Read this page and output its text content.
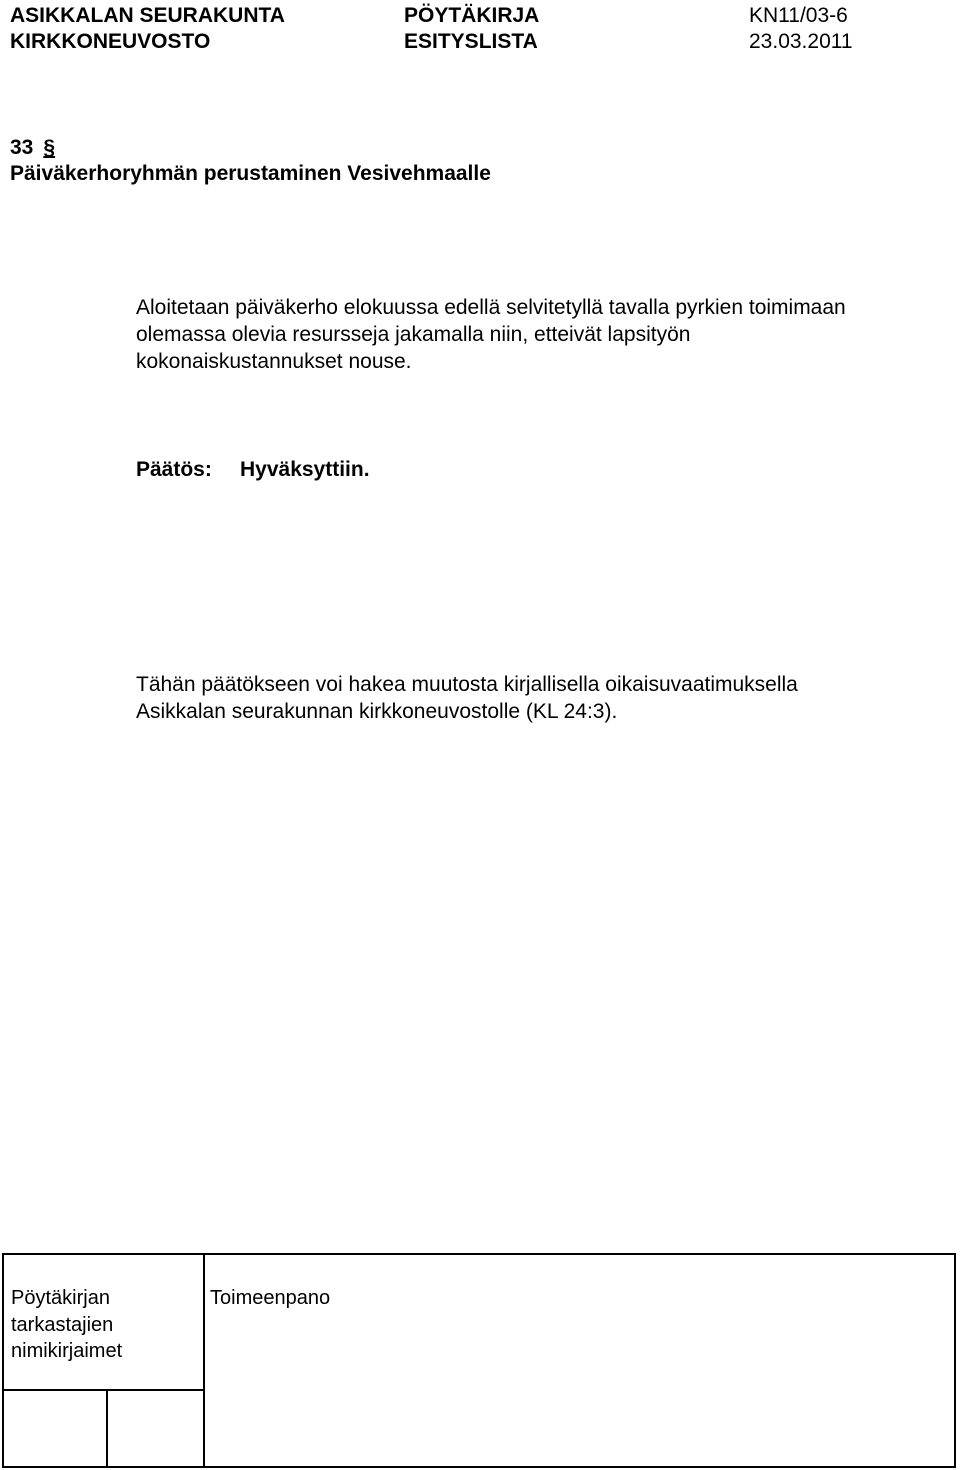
ASIKKALAN SEURAKUNTA
KIRKKONEUVOSTO
PÖYTÄKIRJA
ESITYSLISTA
KN11/03-6
23.03.2011
33 §
Päiväkerhoryhmän perustaminen Vesivehmaalle
Aloitetaan päiväkerho elokuussa edellä selvitetyllä tavalla pyrkien toimimaan
olemassa olevia resursseja jakamalla niin, etteivät lapsityön
kokonaiskustannukset nouse.
Päätös: Hyväksyttiin.
Tähän päätökseen voi hakea muutosta kirjallisella oikaisuvaatimuksella
Asikkalan seurakunnan kirkkoneuvostolle (KL 24:3).
Pöytäkirjan
tarkastajien
nimikirjaimet
Toimeenpano
